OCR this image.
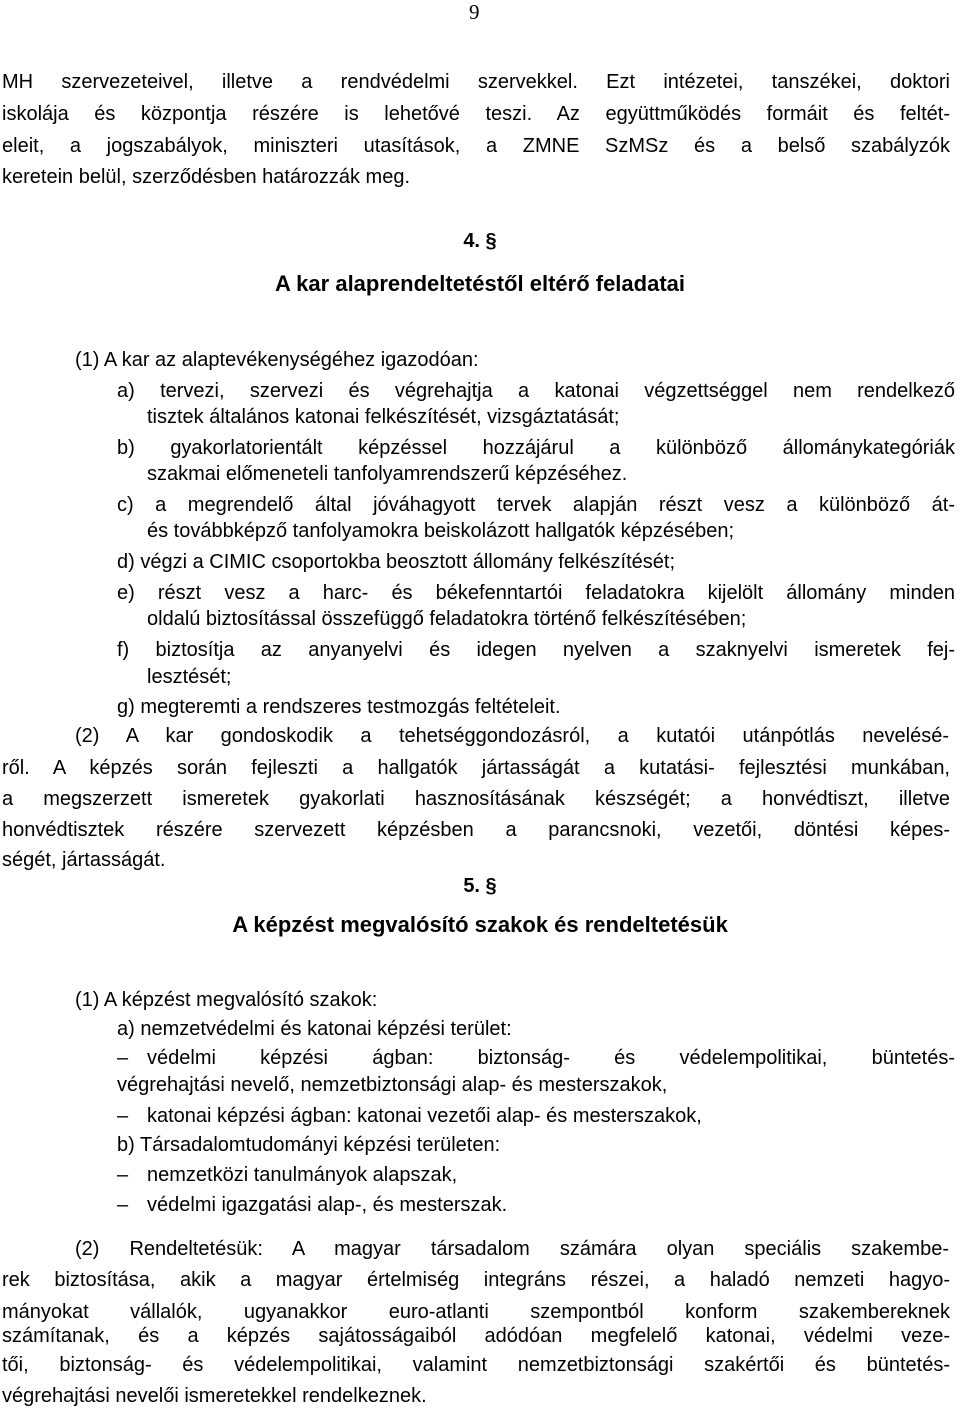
9
MH szervezeteivel, illetve a rendvédelmi szervekkel. Ezt intézetei, tanszékei, doktori
iskolája és központja részére is lehetővé teszi. Az együttműködés formáit és feltét-
eleit, a jogszabályok, miniszteri utasítások, a ZMNE SzMSz és a belső szabályzók
keretein belül, szerződésben határozzák meg.
4. §
A kar alaprendeltetéstől eltérő feladatai
(1) A kar az alaptevékenységéhez igazodóan:
a) tervezi, szervezi és végrehajtja a katonai végzettséggel nem rendelkező
tisztek általános katonai felkészítését, vizsgáztatását;
b) gyakorlatorientált képzéssel hozzájárul a különböző állománykategóriák
szakmai előmeneteli tanfolyamrendszerű képzéséhez.
c) a megrendelő által jóváhagyott tervek alapján részt vesz a különböző át-
és továbbképző tanfolyamokra beiskolázott hallgatók képzésében;
d) végzi a CIMIC csoportokba beosztott állomány felkészítését;
e) részt vesz a harc- és békefenntartói feladatokra kijelölt állomány minden
oldalú biztosítással összefüggő feladatokra történő felkészítésében;
f) biztosítja az anyanyelvi és idegen nyelven a szaknyelvi ismeretek fej-
lesztését;
g) megteremti a rendszeres testmozgás feltételeit.
(2) A kar gondoskodik a tehetséggondozásról, a kutatói utánpótlás nevelésé-
ről. A képzés során fejleszti a hallgatók jártasságát a kutatási- fejlesztési munkában,
a megszerzett ismeretek gyakorlati hasznosításának készségét; a honvédtiszt, illetve
honvédtisztek részére szervezett képzésben a parancsnoki, vezetői, döntési képes-
ségét, jártasságát.
5. §
A képzést megvalósító szakok és rendeltetésük
(1) A képzést megvalósító szakok:
a) nemzetvédelmi és katonai képzési terület:
– védelmi képzési ágban: biztonság- és védelempolitikai, büntetés-
végrehajtási nevelő, nemzetbiztonsági alap- és mesterszakok,
– katonai képzési ágban: katonai vezetői alap- és mesterszakok,
b) Társadalomtudományi képzési területen:
– nemzetközi tanulmányok alapszak,
– védelmi igazgatási alap-, és mesterszak.
(2) Rendeltetésük: A magyar társadalom számára olyan speciális szakembe-
rek biztosítása, akik a magyar értelmiség integráns részei, a haladó nemzeti hagyo-
mányokat vállalók, ugyanakkor euro-atlanti szempontból konform szakembereknek
számítanak, és a képzés sajátosságaiból adódóan megfelelő katonai, védelmi veze-
tői, biztonság- és védelempolitikai, valamint nemzetbiztonsági szakértői és büntetés-
végrehajtási nevelői ismeretekkel rendelkeznek.
